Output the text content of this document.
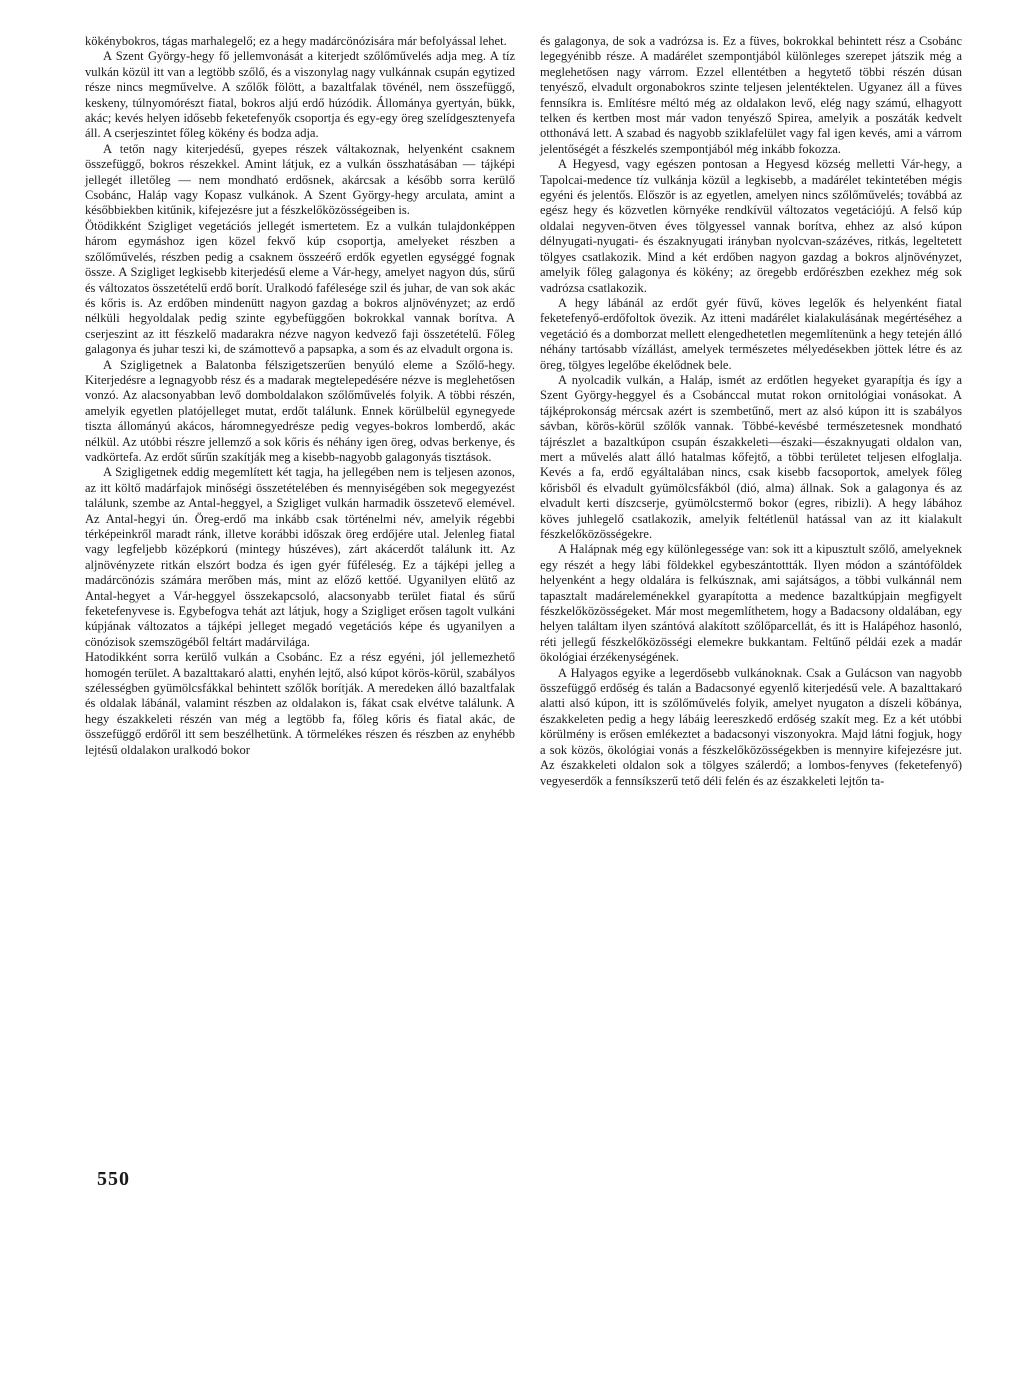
kökénybokros, tágas marhalegelő; ez a hegy madárcönózisára már befolyással lehet.

A Szent György-hegy fő jellemvonását a kiterjedt szőlőművelés adja meg. A tíz vulkán közül itt van a legtöbb szőlő, és a viszonylag nagy vulkánnak csupán egytized része nincs megművelve. A szőlők fölött, a bazaltfalak tövénél, nem összefüggő, keskeny, túlnyomórészt fiatal, bokros aljú erdő húzódik. Állománya gyertyán, bükk, akác; kevés helyen idősebb feketefenyők csoportja és egy-egy öreg szelídgesztenyefa áll. A cserjeszintet főleg kökény és bodza adja.

A tetőn nagy kiterjedésű, gyepes részek váltakoznak, helyenként csaknem összefüggő, bokros részekkel. Amint látjuk, ez a vulkán összhatásában — tájképi jellegét illetőleg — nem mondható erdősnek, akárcsak a később sorra kerülő Csobánc, Haláp vagy Kopasz vulkánok. A Szent György-hegy arculata, amint a későbbiekben kitűnik, kifejezésre jut a fészkelőközösségeiben is.

Ötödikként Szigliget vegetációs jellegét ismertetem. Ez a vulkán tulajdonképpen három egymáshoz igen közel fekvő kúp csoportja, amelyeket részben a szőlőművelés, részben pedig a csaknem összeérő erdők egyetlen egységgé fognak össze. A Szigliget legkisebb kiterjedésű eleme a Vár-hegy, amelyet nagyon dús, sűrű és változatos összetételű erdő borít. Uralkodó fafélesége szil és juhar, de van sok akác és kőris is. Az erdőben mindenütt nagyon gazdag a bokros aljnövényzet; az erdő nélküli hegyoldalak pedig szinte egybefüggően bokrokkal vannak borítva. A cserjeszint az itt fészkelő madarakra nézve nagyon kedvező faji összetételű. Főleg galagonya és juhar teszi ki, de számottevő a papsapka, a som és az elvadult orgona is.

A Szigligetnek a Balatonba félszigetszerűen benyúló eleme a Szőlő-hegy. Kiterjedésre a legnagyobb rész és a madarak megtelepedésére nézve is meglehetősen vonzó. Az alacsonyabban levő domboldalakon szőlőművelés folyik. A többi részén, amelyik egyetlen platójelleget mutat, erdőt találunk. Ennek körülbelül egynegyede tiszta állományú akácos, háromnegyedrésze pedig vegyes-bokros lomberdő, akác nélkül. Az utóbbi részre jellemző a sok kőris és néhány igen öreg, odvas berkenye, és vadkörtefa. Az erdőt sűrűn szakítják meg a kisebb-nagyobb galagonyás tisztások.

A Szigligetnek eddig megemlített két tagja, ha jellegében nem is teljesen azonos, az itt költő madárfajok minőségi összetételében és mennyiségében sok megegyezést találunk, szembe az Antal-heggyel, a Szigliget vulkán harmadik összetevő elemével. Az Antal-hegyi ún. Öreg-erdő ma inkább csak történelmi név, amelyik régebbi térképeinkről maradt ránk, illetve korábbi időszak öreg erdőjére utal. Jelenleg fiatal vagy legfeljebb középkorú (mintegy húszéves), zárt akácerdőt találunk itt. Az aljnövényzete ritkán elszórt bodza és igen gyér fűféleség. Ez a tájképi jelleg a madárcönózis számára merőben más, mint az előző kettőé. Ugyanilyen elütő az Antal-hegyet a Vár-heggyel összekapcsoló, alacsonyabb terület fiatal és sűrű feketefenyvese is. Egybefogva tehát azt látjuk, hogy a Szigliget erősen tagolt vulkáni kúpjának változatos a tájképi jelleget megadó vegetációs képe és ugyanilyen a cönózisok szemszögéből feltárt madárvilága.

Hatodikként sorra kerülő vulkán a Csobánc. Ez a rész egyéni, jól jellemezhető homogén terület. A bazalttakaró alatti, enyhén lejtő, alsó kúpot körös-körül, szabályos szélességben gyümölcsfákkal behintett szőlők borítják. A meredeken álló bazaltfalak és oldalak lábánál, valamint részben az oldalakon is, fákat csak elvétve találunk. A hegy északkeleti részén van még a legtöbb fa, főleg kőris és fiatal akác, de összefüggő erdőről itt sem beszélhetünk. A törmelékes részen és részben az enyhébb lejtésű oldalakon uralkodó bokor

és galagonya, de sok a vadrózsa is. Ez a füves, bokrokkal behintett rész a Csobánc legegyénibb része. A madárélet szempontjából különleges szerepet játszik még a meglehetősen nagy várrom. Ezzel ellentétben a hegytető többi részén dúsan tenyésző, elvadult orgonabokros szinte teljesen jelentéktelen. Ugyanez áll a füves fennsíkra is. Említésre méltó még az oldalakon levő, elég nagy számú, elhagyott telken és kertben most már vadon tenyésző Spirea, amelyik a poszáták kedvelt otthonává lett. A szabad és nagyobb sziklafelület vagy fal igen kevés, ami a várrom jelentőségét a fészkelés szempontjából még inkább fokozza.

A Hegyesd, vagy egészen pontosan a Hegyesd község melletti Vár-hegy, a Tapolcai-medence tíz vulkánja közül a legkisebb, a madárélet tekintetében mégis egyéni és jelentős. Először is az egyetlen, amelyen nincs szőlőművelés; továbbá az egész hegy és közvetlen környéke rendkívül változatos vegetációjú. A felső kúp oldalai negyven-ötven éves tölgyessel vannak borítva, ehhez az alsó kúpon délnyugati-nyugati- és északnyugati irányban nyolcvan-százéves, ritkás, legeltetett tölgyes csatlakozik. Mind a két erdőben nagyon gazdag a bokros aljnövényzet, amelyik főleg galagonya és kökény; az öregebb erdőrészben ezekhez még sok vadrózsa csatlakozik.

A hegy lábánál az erdőt gyér füvű, köves legelők és helyenként fiatal feketefenyő-erdőfoltok övezik. Az itteni madárélet kialakulásának megértéséhez a vegetáció és a domborzat mellett elengedhetetlen megemlítenünk a hegy tetején álló néhány tartósabb vízállást, amelyek természetes mélyedésekben jöttek létre és az öreg, tölgyes legelőbe ékelődnek bele.

A nyolcadik vulkán, a Haláp, ismét az erdőtlen hegyeket gyarapítja és így a Szent György-heggyel és a Csobánccal mutat rokon ornitológiai vonásokat. A tájképrokonság mércsak azért is szembetűnő, mert az alsó kúpon itt is szabályos sávban, körös-körül szőlők vannak. Többé-kevésbé természetesnek mondható tájrészlet a bazaltkúpon csupán északkeleti—északi—északnyugati oldalon van, mert a művelés alatt álló hatalmas kőfejtő, a többi területet teljesen elfoglalja. Kevés a fa, erdő egyáltalában nincs, csak kisebb facsoportok, amelyek főleg kőrisből és elvadult gyümölcsfákból (dió, alma) állnak. Sok a galagonya és az elvadult kerti díszcserje, gyümölcstermő bokor (egres, ribizli). A hegy lábához köves juhlegelő csatlakozik, amelyik feltétlenül hatással van az itt kialakult fészkelőközösségekre.

A Halápnak még egy különlegessége van: sok itt a kipusztult szőlő, amelyeknek egy részét a hegy lábi földekkel egybeszántottták. Ilyen módon a szántóföldek helyenként a hegy oldalára is felkúsznak, ami sajátságos, a többi vulkánnál nem tapasztalt madáreleménekkel gyarapította a medence bazaltkúpjain megfigyelt fészkelőközösségeket. Már most megemlíthetem, hogy a Badacsony oldalában, egy helyen találtam ilyen szántóvá alakított szőlőparcellát, és itt is Halápéhoz hasonló, réti jellegű fészkelőközösségi elemekre bukkantam. Feltűnő példái ezek a madár ökológiai érzékenységének.

A Halyagos egyike a legerdősebb vulkánoknak. Csak a Gulácson van nagyobb összefüggő erdőség és talán a Badacsonyé egyenlő kiterjedésű vele. A bazalttakaró alatti alsó kúpon, itt is szőlőművelés folyik, amelyet nyugaton a díszeli kőbánya, északkeleten pedig a hegy lábáig leereszkedő erdőség szakít meg. Ez a két utóbbi körülmény is erősen emlékeztet a badacsonyi viszonyokra. Majd látni fogjuk, hogy a sok közös, ökológiai vonás a fészkelőközösségekben is mennyire kifejezésre jut. Az északkeleti oldalon sok a tölgyes szálerdő; a lombos-fenyves (feketefenyő) vegyeserdők a fennsíkszerű tető déli felén és az északkeleti lejtőn ta-

550
